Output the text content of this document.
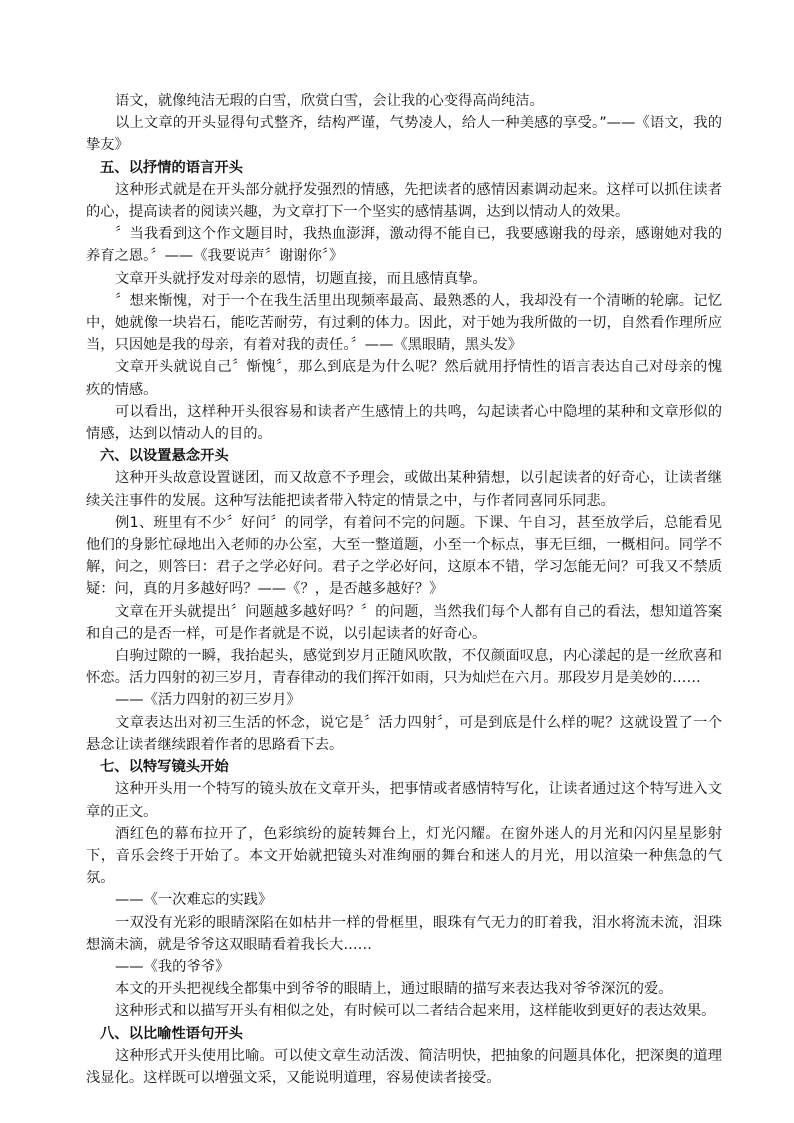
语文，就像纯洁无瑕的白雪，欣赏白雪，会让我的心变得高尚纯洁。

以上文章的开头显得句式整齐，结构严谨，气势凌人，给人一种美感的享受。”——《语文，我的挚友》

五、以抒情的语言开头

这种形式就是在开头部分就抒发强烈的情感，先把读者的感情因素调动起来。这样可以抓住读者的心，提高读者的阅读兴趣，为文章打下一个坚实的感情基调，达到以情动人的效果。

〞当我看到这个作文题目时，我热血澎湃，激动得不能自已，我要感谢我的母亲，感谢她对我的养育之恩。〞——《我要说声〞谢谢你〞》

文章开头就抒发对母亲的恩情，切题直接，而且感情真挚。

〞想来惭愧，对于一个在我生活里出现频率最高、最熟悉的人，我却没有一个清晰的轮廓。记忆中，她就像一块岩石，能吃苦耐劳，有过剩的体力。因此，对于她为我所做的一切，自然看作理所应当，只因她是我的母亲，有着对我的责任。〞——《黑眼睛，黑头发》

文章开头就说自己〞惭愧〞，那么到底是为什么呢？然后就用抒情性的语言表达自己对母亲的愧疚的情感。

可以看出，这样种开头很容易和读者产生感情上的共鸣，勾起读者心中隐埋的某种和文章形似的情感，达到以情动人的目的。

六、以设置悬念开头

这种开头故意设置谜团，而又故意不予理会，或做出某种猜想，以引起读者的好奇心，让读者继续关注事件的发展。这种写法能把读者带入特定的情景之中，与作者同喜同乐同悲。

例1、班里有不少〞好问〞的同学，有着问不完的问题。下课、午自习，甚至放学后，总能看见他们的身影忙碌地出入老师的办公室，大至一整道题，小至一个标点，事无巨细，一概相问。同学不解，问之，则答曰：君子之学必好问。君子之学必好问，这原本不错，学习怎能无问？可我又不禁质疑：问，真的月多越好吗？——《？，是否越多越好？》

文章在开头就提出〞问题越多越好吗？〞的问题，当然我们每个人都有自己的看法，想知道答案和自己的是否一样，可是作者就是不说，以引起读者的好奇心。

白驹过隙的一瞬，我抬起头，感觉到岁月正随风吹散，不仅颜面叹息，内心漾起的是一丝欣喜和怀恋。活力四射的初三岁月，青春律动的我们挥汗如雨，只为灿烂在六月。那段岁月是美妙的……

——《活力四射的初三岁月》

文章表达出对初三生活的怀念，说它是〞活力四射〞，可是到底是什么样的呢？这就设置了一个悬念让读者继续跟着作者的思路看下去。

七、以特写镜头开始

这种开头用一个特写的镜头放在文章开头，把事情或者感情特写化，让读者通过这个特写进入文章的正文。

酒红色的幕布拉开了，色彩缤纷的旋转舞台上，灯光闪耀。在窗外迷人的月光和闪闪星星影射下，音乐会终于开始了。本文开始就把镜头对准绚丽的舞台和迷人的月光，用以渲染一种焦急的气氛。

——《一次难忘的实践》

一双没有光彩的眼睛深陷在如枯井一样的骨框里，眼珠有气无力的盯着我，泪水将流未流，泪珠想滴未滴，就是爷爷这双眼睛看着我长大……

——《我的爷爷》

本文的开头把视线全都集中到爷爷的眼睛上，通过眼睛的描写来表达我对爷爷深沉的爱。

这种形式和以描写开头有相似之处，有时候可以二者结合起来用，这样能收到更好的表达效果。

八、以比喻性语句开头

这种形式开头使用比喻。可以使文章生动活泼、简洁明快，把抽象的问题具体化，把深奥的道理浅显化。这样既可以增强文采，又能说明道理，容易使读者接受。
